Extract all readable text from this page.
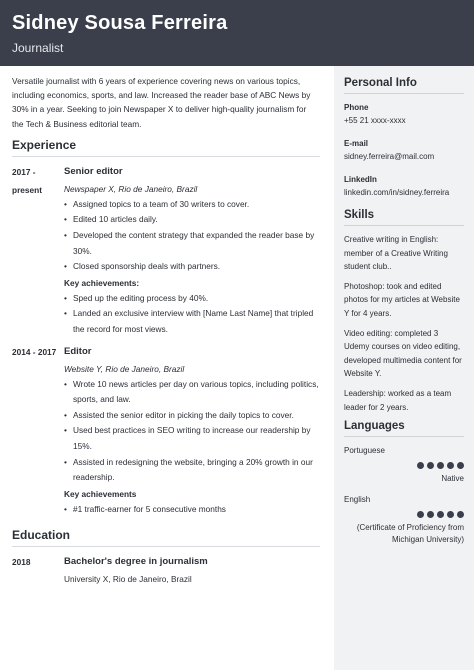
Sidney Sousa Ferreira
Journalist

Versatile journalist with 6 years of experience covering news on various topics, including economics, sports, and law. Increased the reader base of ABC News by 30% in a year. Seeking to join Newspaper X to deliver high-quality journalism for the Tech & Business editorial team.

Experience
2017 - present
Senior editor
Newspaper X, Rio de Janeiro, Brazil
• Assigned topics to a team of 30 writers to cover.
• Edited 10 articles daily.
• Developed the content strategy that expanded the reader base by 30%.
• Closed sponsorship deals with partners.
Key achievements:
• Sped up the editing process by 40%.
• Landed an exclusive interview with [Name Last Name] that tripled the record for most views.
2014 - 2017 Editor
Website Y, Rio de Janeiro, Brazil
• Wrote 10 news articles per day on various topics, including politics, sports, and law.
• Assisted the senior editor in picking the daily topics to cover.
• Used best practices in SEO writing to increase our readership by 15%.
• Assisted in redesigning the website, bringing a 20% growth in our readership.
Key achievements
• #1 traffic-earner for 5 consecutive months
Education
2018	Bachelor's degree in journalism
University X, Rio de Janeiro, Brazil
Personal Info
Phone
+55 21 xxxx-xxxx
E-mail
sidney.ferreira@mail.com
LinkedIn
linkedin.com/in/sidney.ferreira
Skills
Creative writing in English: member of a Creative Writing student club..
Photoshop: took and edited photos for my articles at Website Y for 4 years.
Video editing: completed 3 Udemy courses on video editing, developed multimedia content for Website Y.
Leadership: worked as a team leader for 2 years.
Languages
Portuguese
Native
English
(Certificate of Proficiency from Michigan University)
